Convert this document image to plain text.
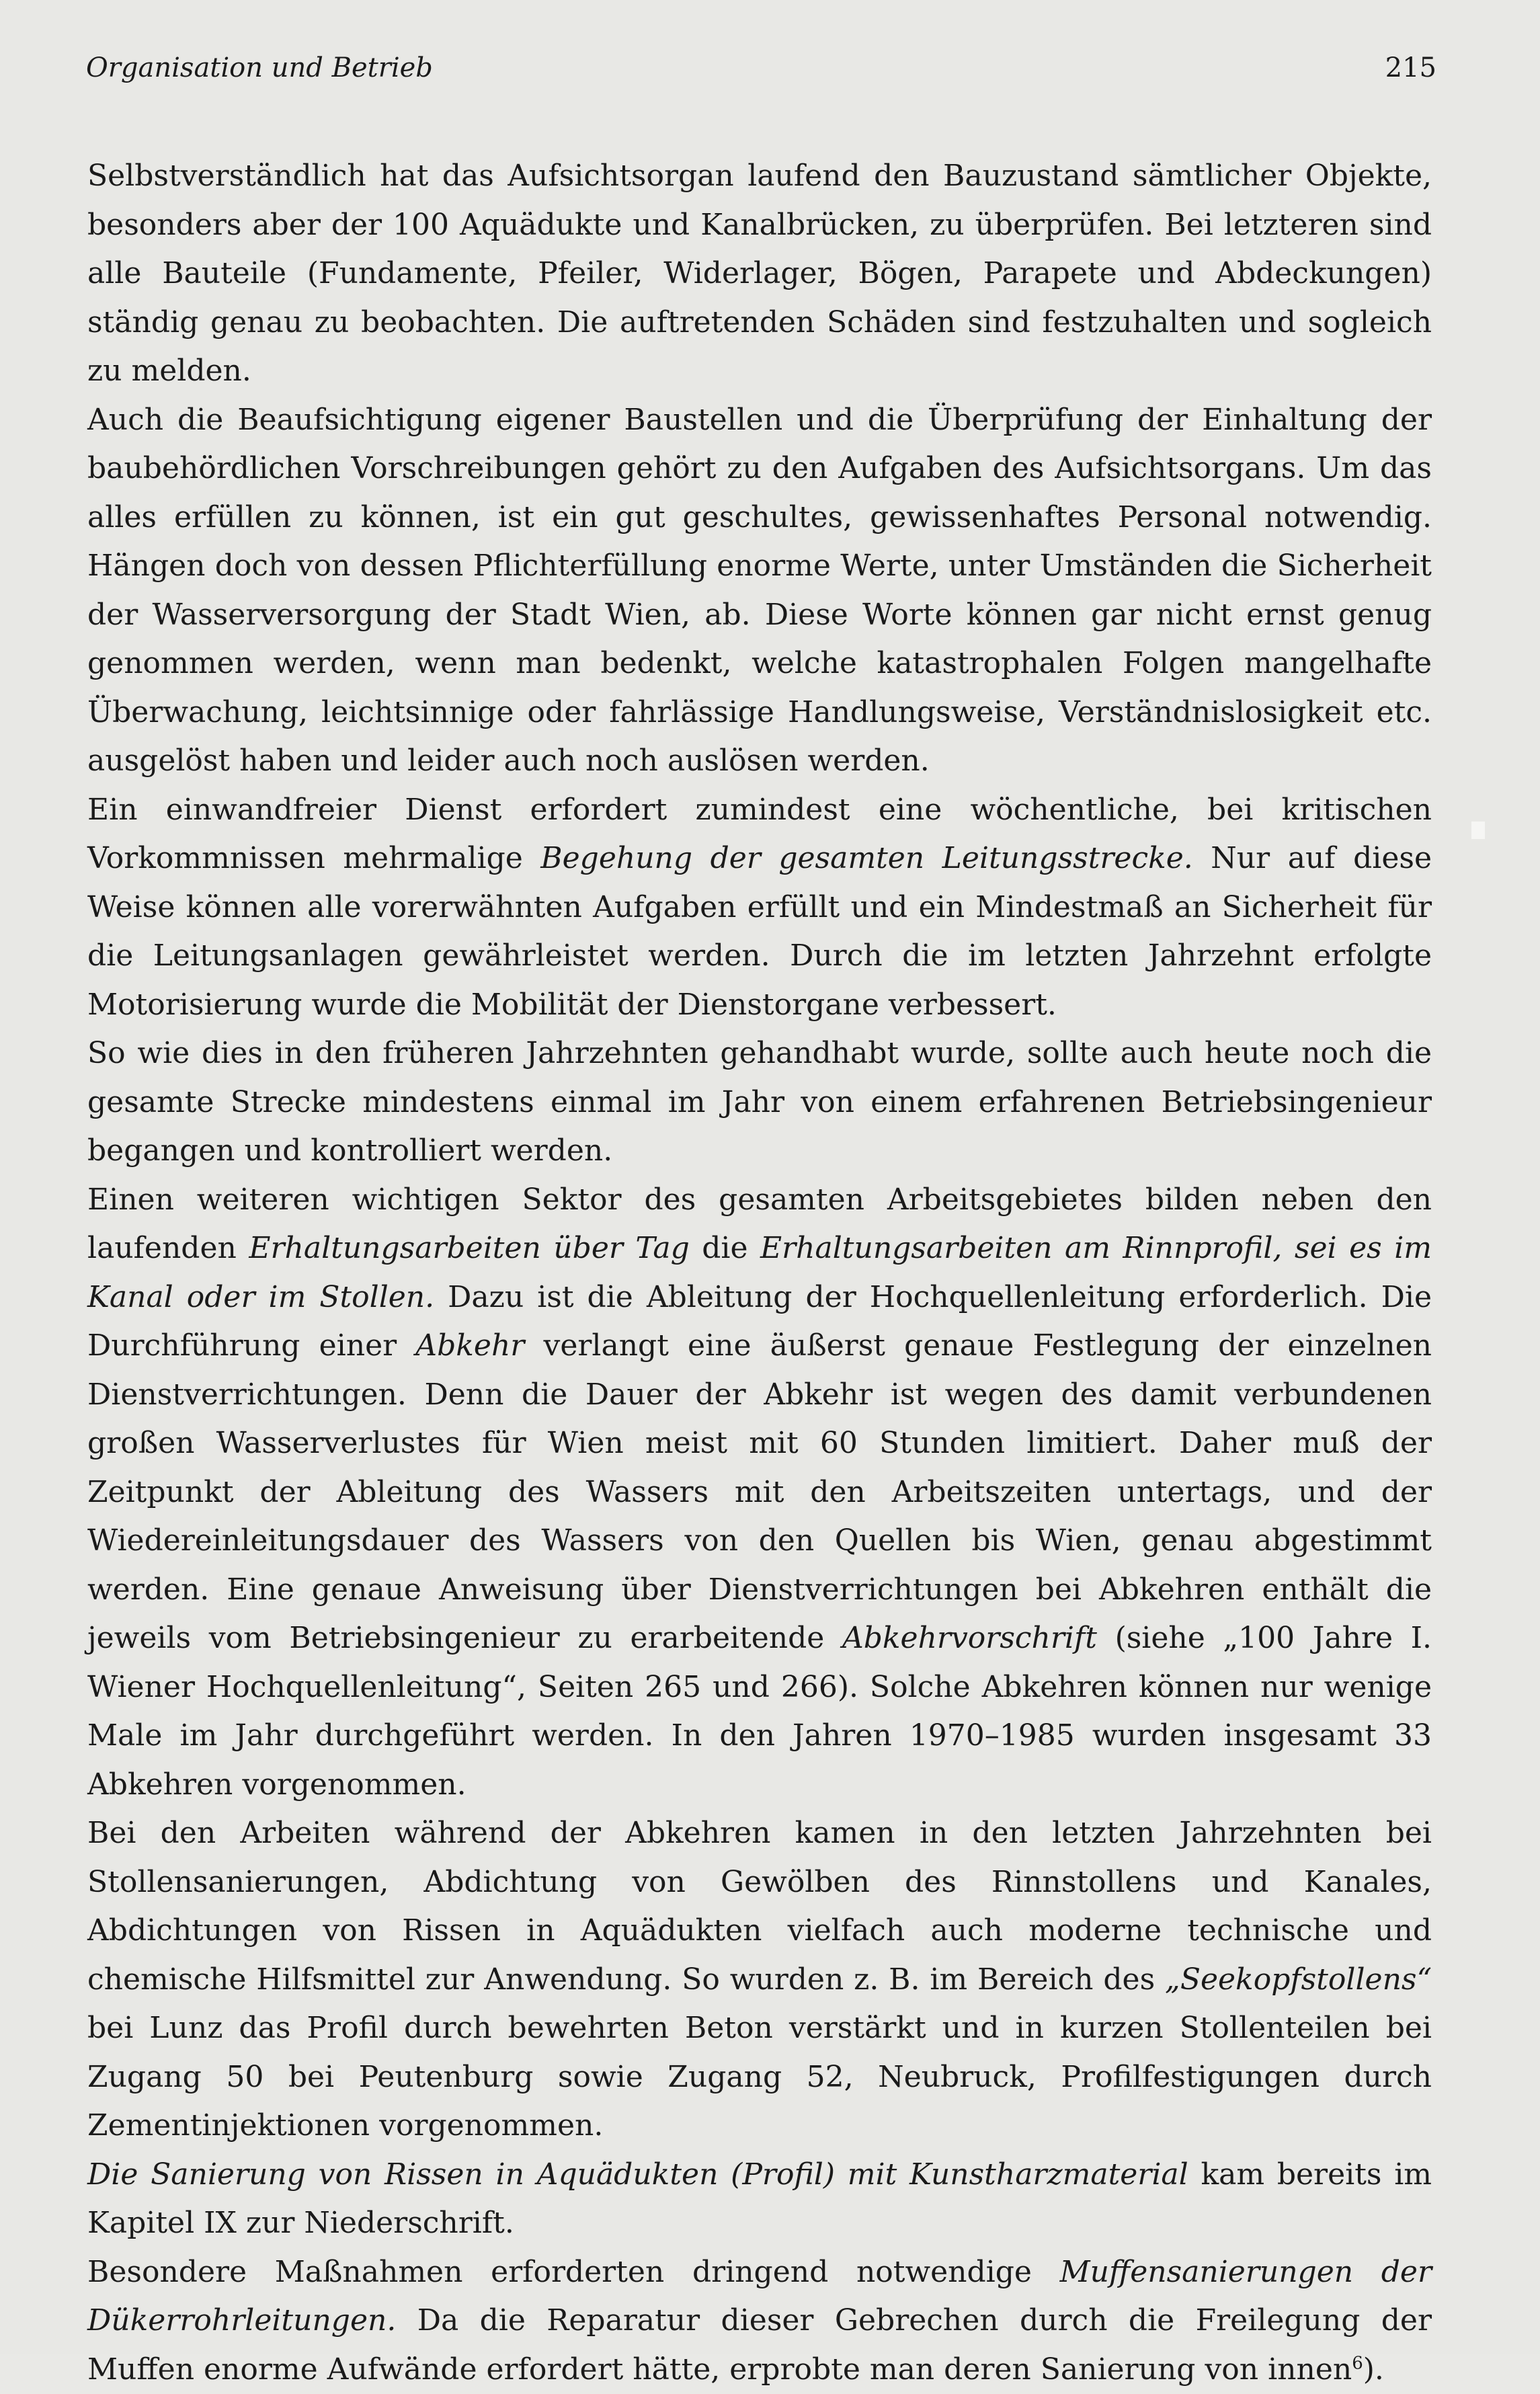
Organisation und Betrieb	215

Selbstverständlich hat das Aufsichtsorgan laufend den Bauzustand sämtlicher Objekte, besonders aber der 100 Aquädukte und Kanalbrücken, zu überprüfen. Bei letzteren sind alle Bauteile (Fundamente, Pfeiler, Widerlager, Bögen, Parapete und Abdeckungen) ständig genau zu beobachten. Die auftretenden Schäden sind festzuhalten und sogleich zu melden.

Auch die Beaufsichtigung eigener Baustellen und die Überprüfung der Einhaltung der baubehördlichen Vorschreibungen gehört zu den Aufgaben des Aufsichtsorgans. Um das alles erfüllen zu können, ist ein gut geschultes, gewissenhaftes Personal notwendig. Hängen doch von dessen Pflichterfüllung enorme Werte, unter Umständen die Sicherheit der Wasserversorgung der Stadt Wien, ab. Diese Worte können gar nicht ernst genug genommen werden, wenn man bedenkt, welche katastrophalen Folgen mangelhafte Überwachung, leichtsinnige oder fahrlässige Handlungsweise, Verständnislosigkeit etc. ausgelöst haben und leider auch noch auslösen werden.

Ein einwandfreier Dienst erfordert zumindest eine wöchentliche, bei kritischen Vorkommnissen mehrmalige Begehung der gesamten Leitungsstrecke. Nur auf diese Weise können alle vorerwähnten Aufgaben erfüllt und ein Mindestmaß an Sicherheit für die Leitungsanlagen gewährleistet werden. Durch die im letzten Jahrzehnt erfolgte Motorisierung wurde die Mobilität der Dienstorgane verbessert.

So wie dies in den früheren Jahrzehnten gehandhabt wurde, sollte auch heute noch die gesamte Strecke mindestens einmal im Jahr von einem erfahrenen Betriebsingenieur begangen und kontrolliert werden.

Einen weiteren wichtigen Sektor des gesamten Arbeitsgebietes bilden neben den laufenden Erhaltungsarbeiten über Tag die Erhaltungsarbeiten am Rinnprofil, sei es im Kanal oder im Stollen. Dazu ist die Ableitung der Hochquellenleitung erforderlich. Die Durchführung einer Abkehr verlangt eine äußerst genaue Festlegung der einzelnen Dienstverrichtungen. Denn die Dauer der Abkehr ist wegen des damit verbundenen großen Wasserverlustes für Wien meist mit 60 Stunden limitiert. Daher muß der Zeitpunkt der Ableitung des Wassers mit den Arbeitszeiten untertags, und der Wiedereinleitungsdauer des Wassers von den Quellen bis Wien, genau abgestimmt werden. Eine genaue Anweisung über Dienstverrichtungen bei Abkehren enthält die jeweils vom Betriebsingenieur zu erarbeitende Abkehrvorschrift (siehe „100 Jahre I. Wiener Hochquellenleitung“, Seiten 265 und 266). Solche Abkehren können nur wenige Male im Jahr durchgeführt werden. In den Jahren 1970–1985 wurden insgesamt 33 Abkehren vorgenommen.

Bei den Arbeiten während der Abkehren kamen in den letzten Jahrzehnten bei Stollensanierungen, Abdichtung von Gewölben des Rinnstollens und Kanales, Abdichtungen von Rissen in Aquädukten vielfach auch moderne technische und chemische Hilfsmittel zur Anwendung. So wurden z. B. im Bereich des „Seekopfstollens“ bei Lunz das Profil durch bewehrten Beton verstärkt und in kurzen Stollenteilen bei Zugang 50 bei Peutenburg sowie Zugang 52, Neubruck, Profilfestigungen durch Zementinjektionen vorgenommen.

Die Sanierung von Rissen in Aquädukten (Profil) mit Kunstharzmaterial kam bereits im Kapitel IX zur Niederschrift.

Besondere Maßnahmen erforderten dringend notwendige Muffensanierungen der Dükerrohrleitungen. Da die Reparatur dieser Gebrechen durch die Freilegung der Muffen enorme Aufwände erfordert hätte, erprobte man deren Sanierung von innen$^6$).
